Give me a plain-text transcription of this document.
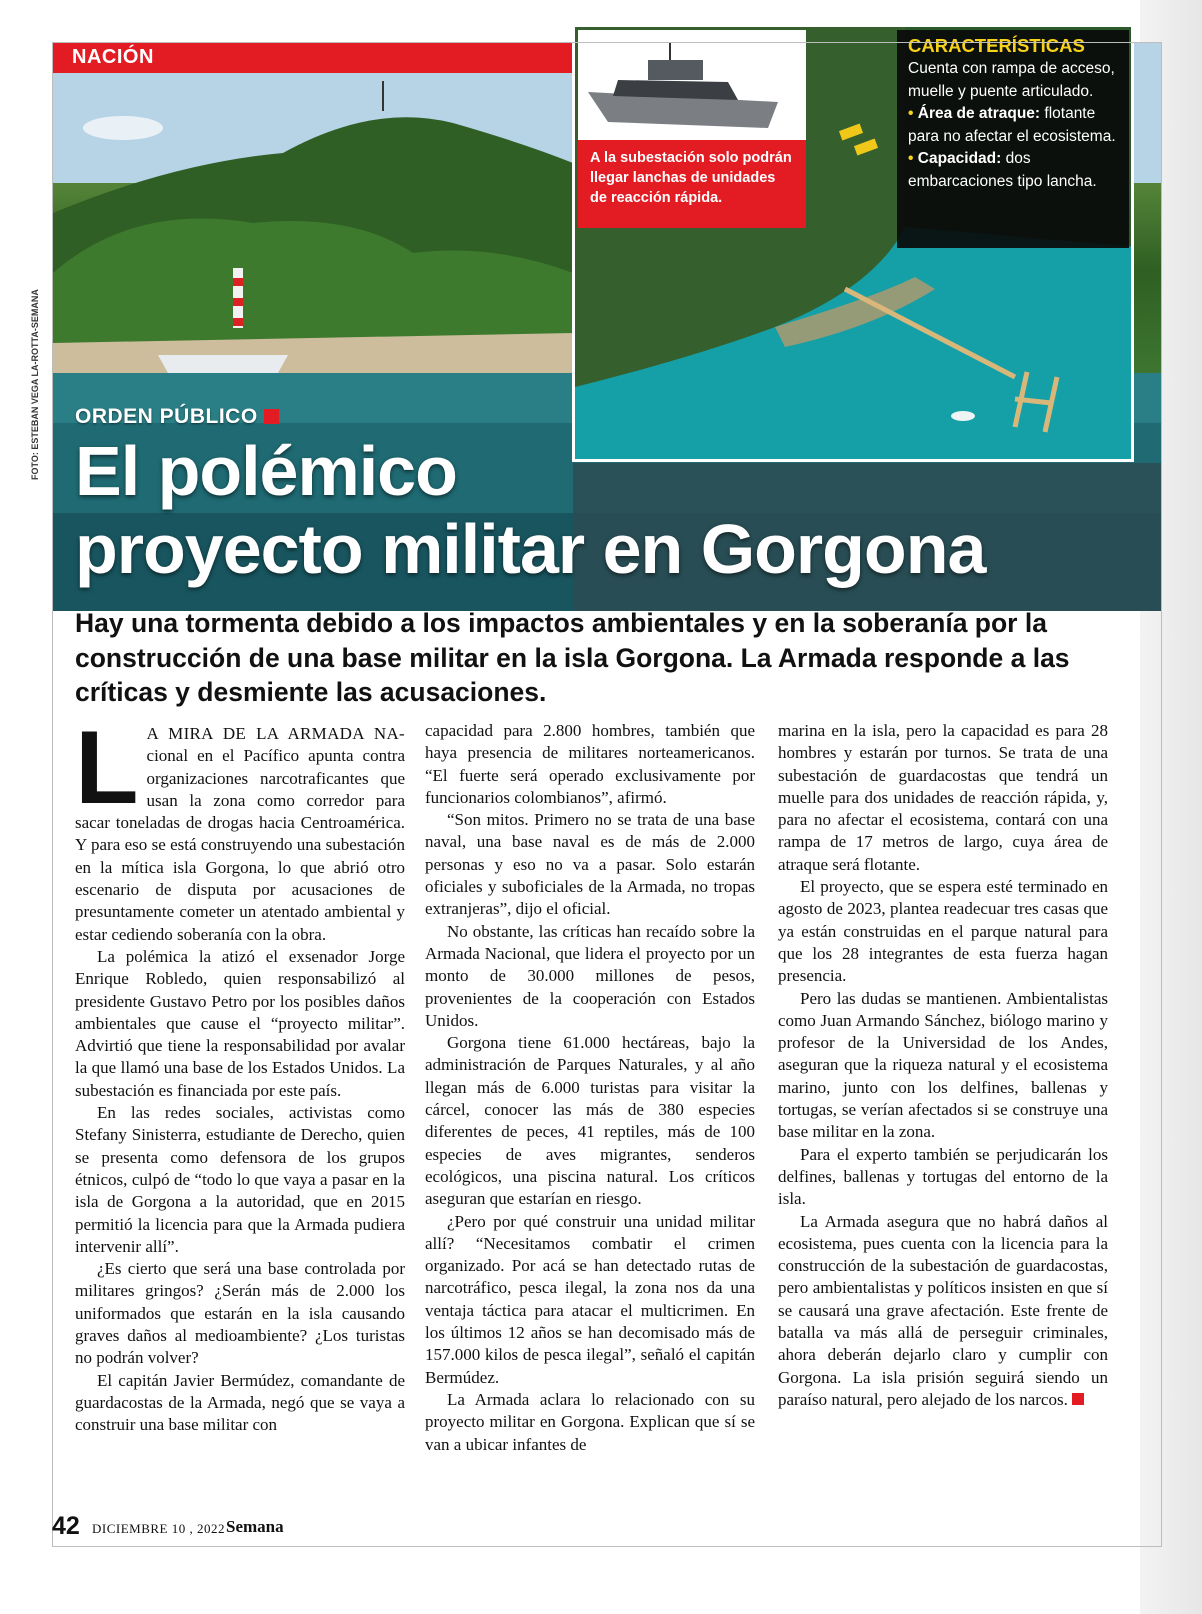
NACIÓN
FOTO: ESTEBAN VEGA LA-ROTTA-SEMANA
A la subestación solo podrán llegar lanchas de unidades de reacción rápida.
CARACTERÍSTICAS
Cuenta con rampa de acceso, muelle y puente articulado.
• Área de atraque: flotante para no afectar el ecosistema.
• Capacidad: dos embarcaciones tipo lancha.
ORDEN PÚBLICO
El polémico
proyecto militar en Gorgona
Hay una tormenta debido a los impactos ambientales y en la soberanía por la construcción de una base militar en la isla Gorgona. La Armada responde a las críticas y desmiente las acusaciones.

L A MIRA DE LA ARMADA NA- cional en el Pacífico apunta contra organizaciones narcotraficantes que usan la zona como corredor para sacar toneladas de drogas hacia Centroamérica. Y para eso se está construyendo una subestación en la mítica isla Gorgona, lo que abrió otro escenario de disputa por acusaciones de presuntamente cometer un atentado ambiental y estar cediendo soberanía con la obra.

La polémica la atizó el exsenador Jorge Enrique Robledo, quien responsabilizó al presidente Gustavo Petro por los posibles daños ambientales que cause el “proyecto militar”. Advirtió que tiene la responsabilidad por avalar la que llamó una base de los Estados Unidos. La subestación es financiada por este país.

En las redes sociales, activistas como Stefany Sinisterra, estudiante de Derecho, quien se presenta como defensora de los grupos étnicos, culpó de “todo lo que vaya a pasar en la isla de Gorgona a la autoridad, que en 2015 permitió la licencia para que la Armada pudiera intervenir allí”.

¿Es cierto que será una base controlada por militares gringos? ¿Serán más de 2.000 los uniformados que estarán en la isla causando graves daños al medioambiente? ¿Los turistas no podrán volver?

El capitán Javier Bermúdez, comandante de guardacostas de la Armada, negó que se vaya a construir una base militar con

capacidad para 2.800 hombres, también que haya presencia de militares norteamericanos. “El fuerte será operado exclusivamente por funcionarios colombianos”, afirmó.

“Son mitos. Primero no se trata de una base naval, una base naval es de más de 2.000 personas y eso no va a pasar. Solo estarán oficiales y suboficiales de la Armada, no tropas extranjeras”, dijo el oficial.

No obstante, las críticas han recaído sobre la Armada Nacional, que lidera el proyecto por un monto de 30.000 millones de pesos, provenientes de la cooperación con Estados Unidos.

Gorgona tiene 61.000 hectáreas, bajo la administración de Parques Naturales, y al año llegan más de 6.000 turistas para visitar la cárcel, conocer las más de 380 especies diferentes de peces, 41 reptiles, más de 100 especies de aves migrantes, senderos ecológicos, una piscina natural. Los críticos aseguran que estarían en riesgo.

¿Pero por qué construir una unidad militar allí? “Necesitamos combatir el crimen organizado. Por acá se han detectado rutas de narcotráfico, pesca ilegal, la zona nos da una ventaja táctica para atacar el multicrimen. En los últimos 12 años se han decomisado más de 157.000 kilos de pesca ilegal”, señaló el capitán Bermúdez.

La Armada aclara lo relacionado con su proyecto militar en Gorgona. Explican que sí se van a ubicar infantes de

marina en la isla, pero la capacidad es para 28 hombres y estarán por turnos. Se trata de una subestación de guardacostas que tendrá un muelle para dos unidades de reacción rápida, y, para no afectar el ecosistema, contará con una rampa de 17 metros de largo, cuya área de atraque será flotante.

El proyecto, que se espera esté terminado en agosto de 2023, plantea readecuar tres casas que ya están construidas en el parque natural para que los 28 integrantes de esta fuerza hagan presencia.

Pero las dudas se mantienen. Ambientalistas como Juan Armando Sánchez, biólogo marino y profesor de la Universidad de los Andes, aseguran que la riqueza natural y el ecosistema marino, junto con los delfines, ballenas y tortugas, se verían afectados si se construye una base militar en la zona.

Para el experto también se perjudicarán los delfines, ballenas y tortugas del entorno de la isla.

La Armada asegura que no habrá daños al ecosistema, pues cuenta con la licencia para la construcción de la subestación de guardacostas, pero ambientalistas y políticos insisten en que sí se causará una grave afectación. Este frente de batalla va más allá de perseguir criminales, ahora deberán dejarlo claro y cumplir con Gorgona. La isla prisión seguirá siendo un paraíso natural, pero alejado de los narcos.

42 DICIEMBRE 10 , 2022 Semana
